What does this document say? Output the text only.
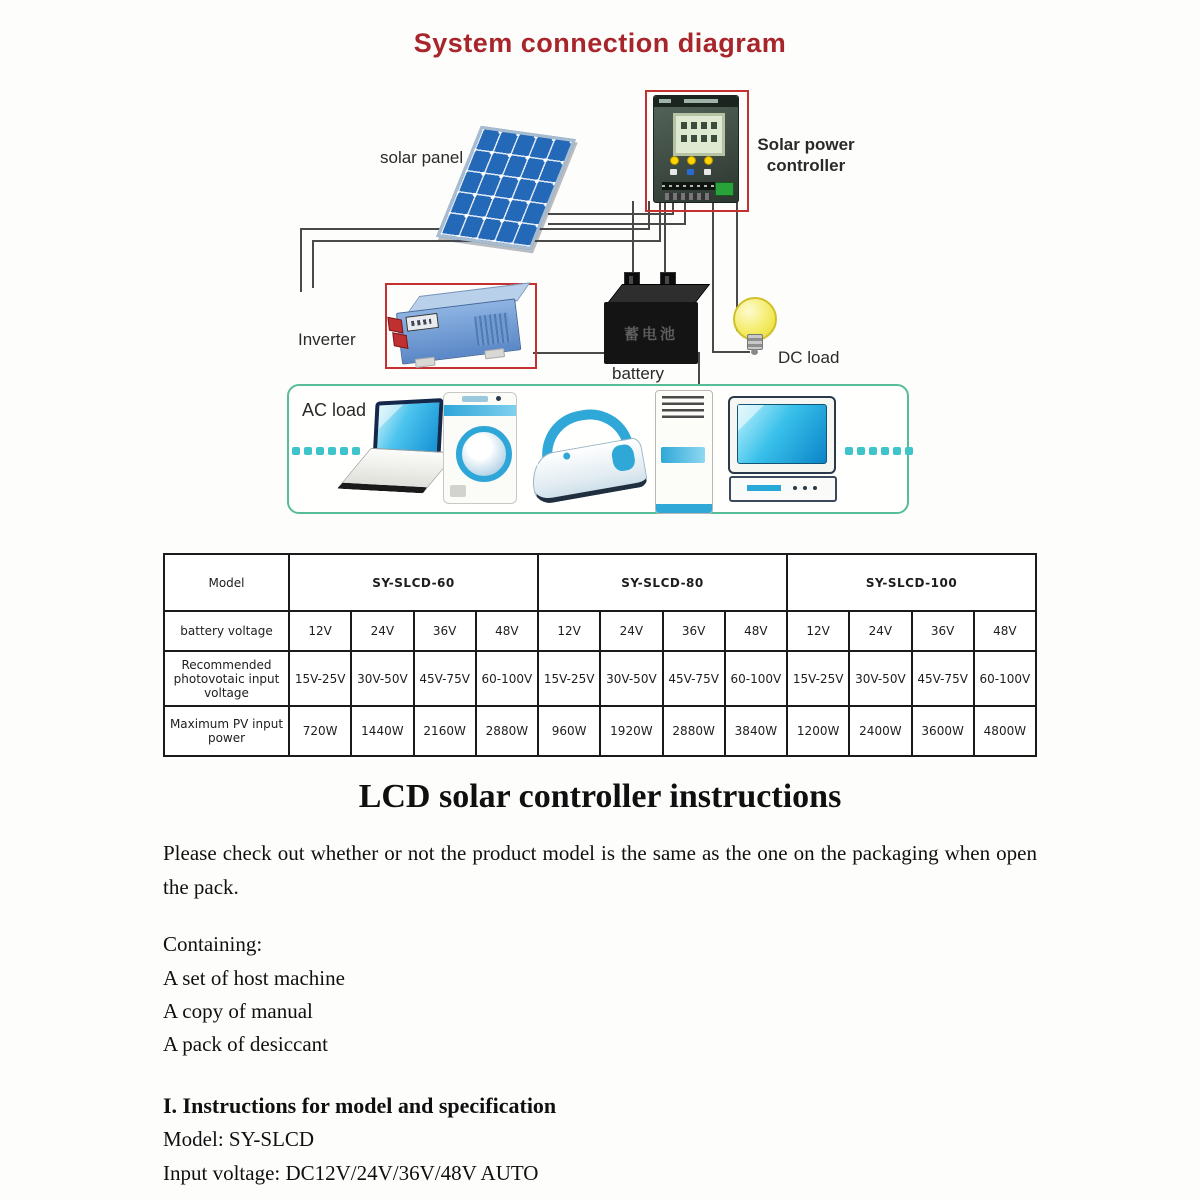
System connection diagram
solar panel
Solar power
controller
Inverter	蓄电池
battery
DC load
AC load
Model	SY-SLCD-60				SY-SLCD-80				SY-SLCD-100			
battery voltage	12V	24V	36V	48V	12V	24V	36V	48V	12V	24V	36V	48V
Recommended photovotaic input voltage	15V-25V	30V-50V	45V-75V	60-100V	15V-25V	30V-50V	45V-75V	60-100V	15V-25V	30V-50V	45V-75V	60-100V
Maximum PV input power	720W	1440W	2160W	2880W	960W	1920W	2880W	3840W	1200W	2400W	3600W	4800W
LCD solar controller instructions
Please check out whether or not the product model is the same as the one on the packaging when open the pack.
Containing:
A set of host machine
A copy of manual
A pack of desiccant
I. Instructions for model and specification
Model: SY-SLCD
Input voltage: DC12V/24V/36V/48V AUTO
